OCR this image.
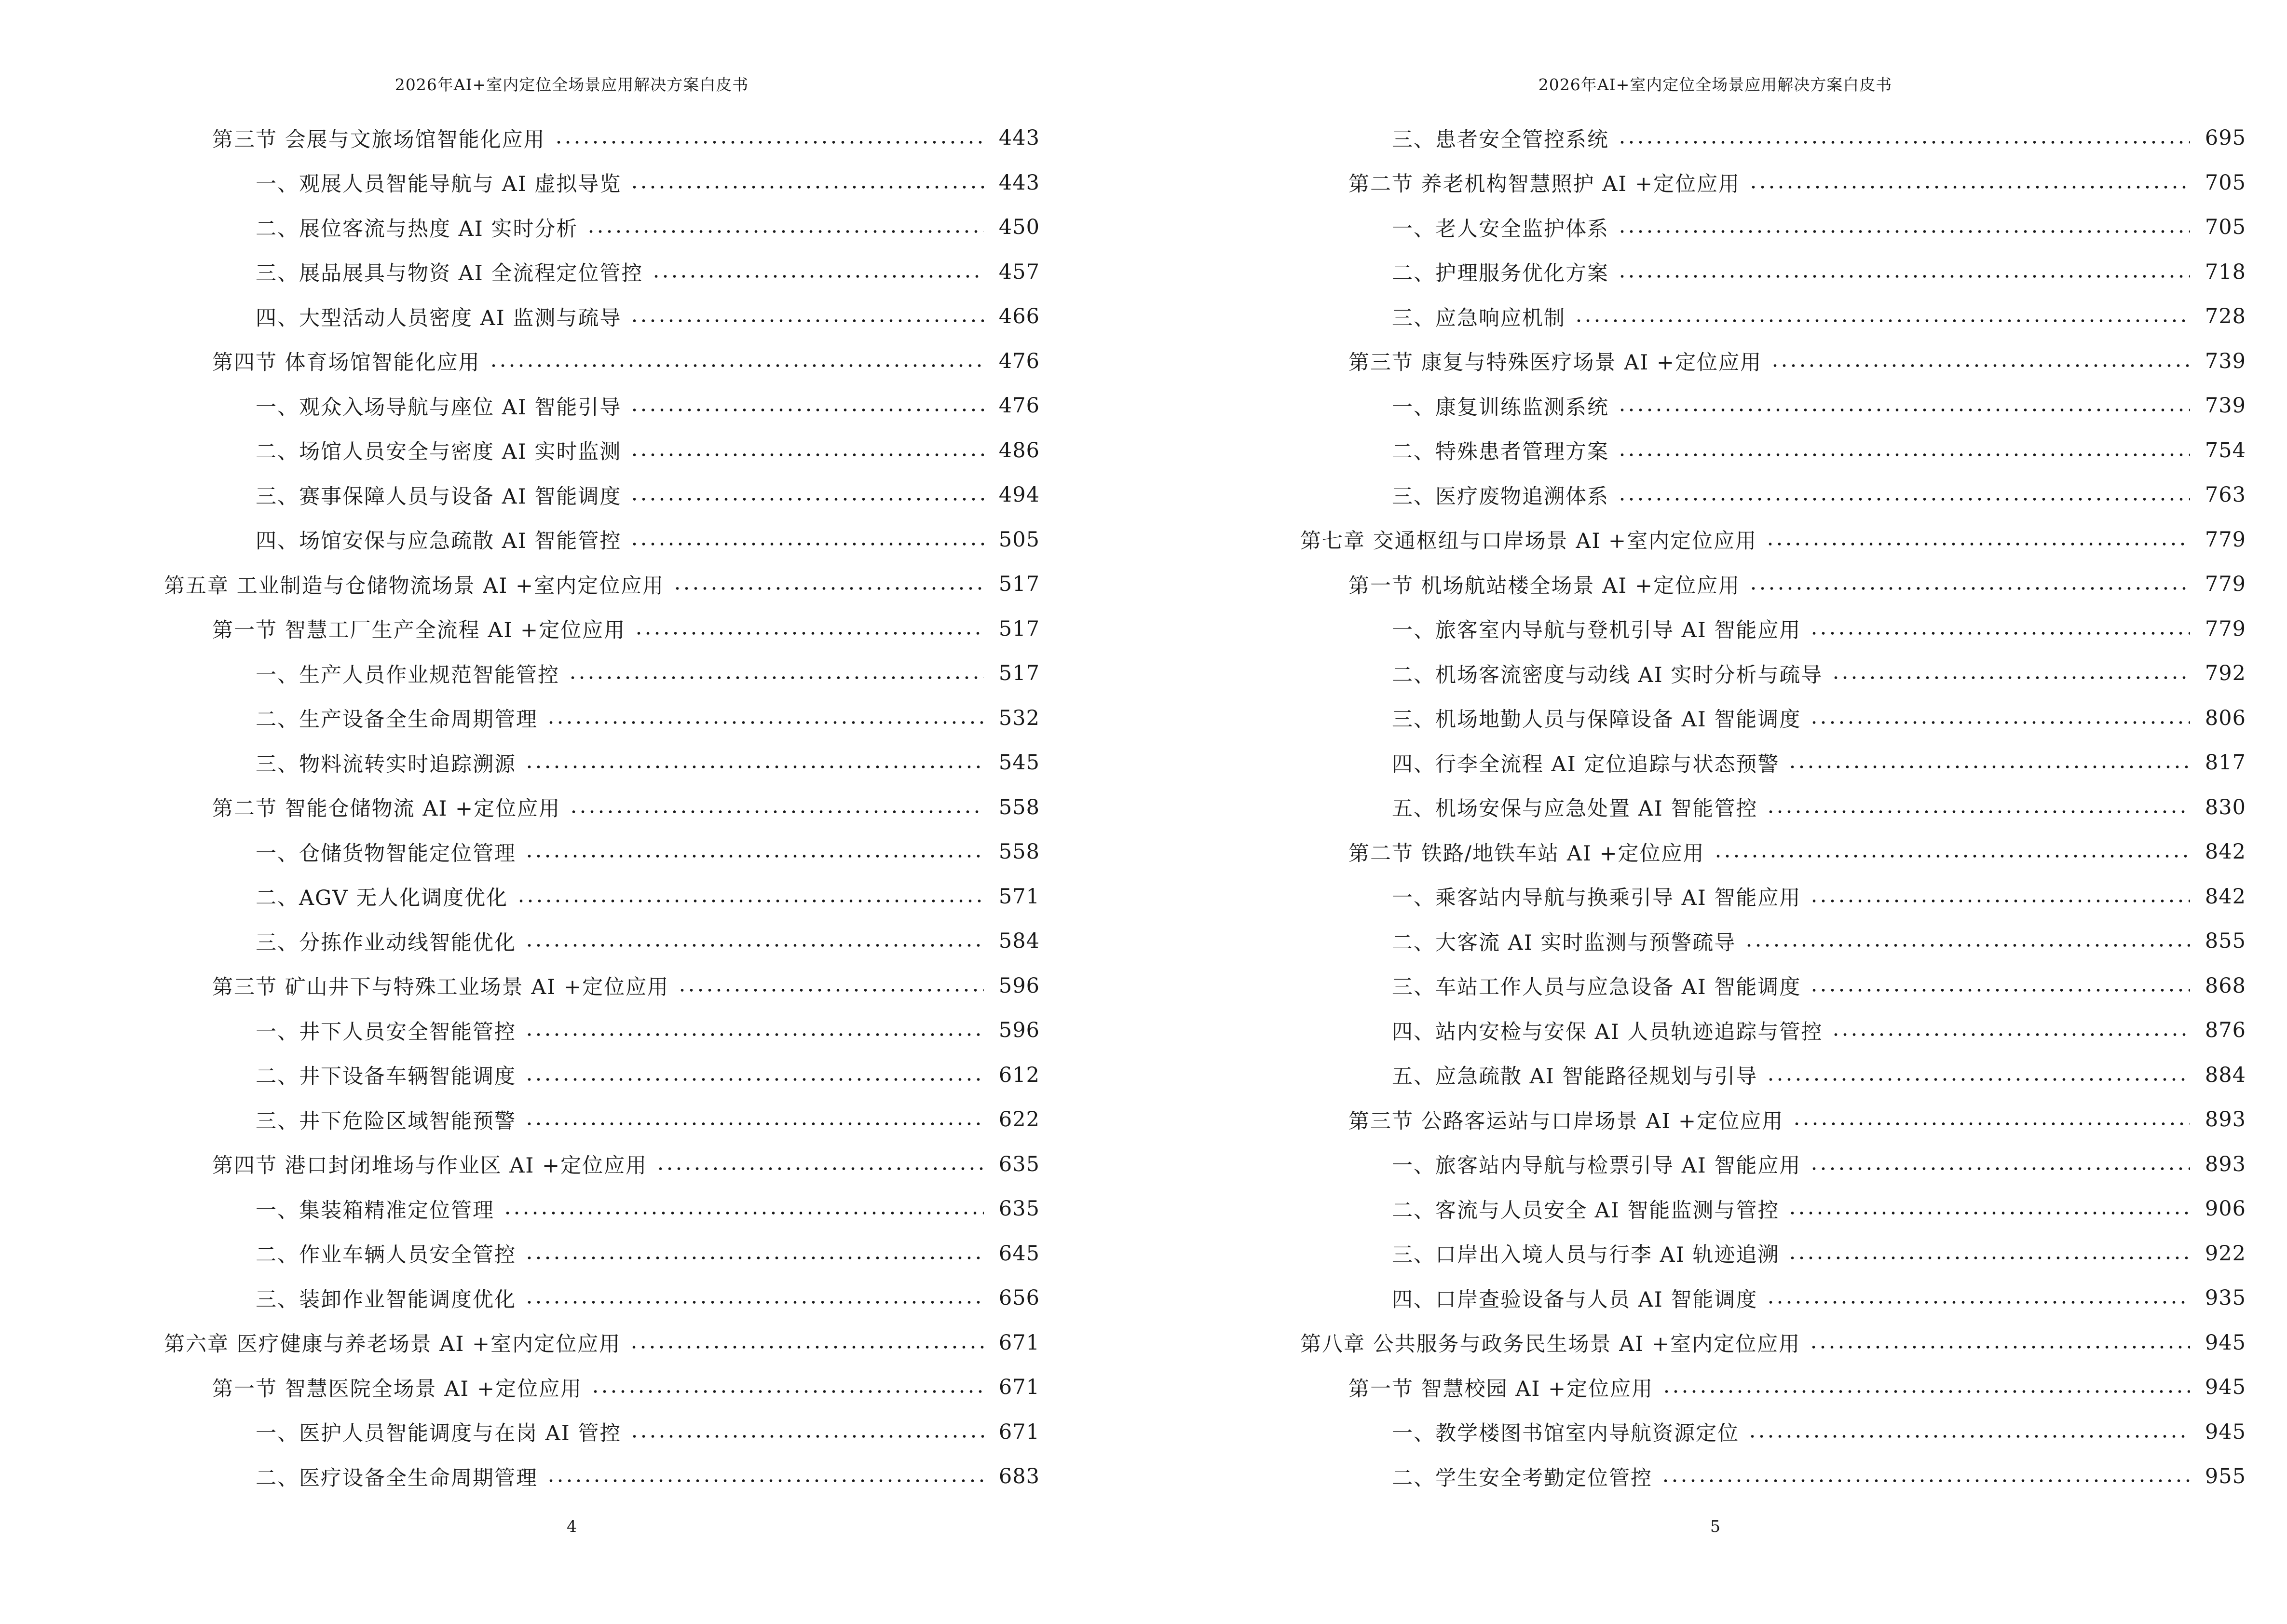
2026年AI+室内定位全场景应用解决方案白皮书
第三节 会展与文旅场馆智能化应用	443
一、观展人员智能导航与 AI 虚拟导览	443
二、展位客流与热度 AI 实时分析	450
三、展品展具与物资 AI 全流程定位管控	457
四、大型活动人员密度 AI 监测与疏导	466
第四节 体育场馆智能化应用	476
一、观众入场导航与座位 AI 智能引导	476
二、场馆人员安全与密度 AI 实时监测	486
三、赛事保障人员与设备 AI 智能调度	494
四、场馆安保与应急疏散 AI 智能管控	505
第五章 工业制造与仓储物流场景 AI +室内定位应用	517
第一节 智慧工厂生产全流程 AI +定位应用	517
一、生产人员作业规范智能管控	517
二、生产设备全生命周期管理	532
三、物料流转实时追踪溯源	545
第二节 智能仓储物流 AI +定位应用	558
一、仓储货物智能定位管理	558
二、AGV 无人化调度优化	571
三、分拣作业动线智能优化	584
第三节 矿山井下与特殊工业场景 AI +定位应用	596
一、井下人员安全智能管控	596
二、井下设备车辆智能调度	612
三、井下危险区域智能预警	622
第四节 港口封闭堆场与作业区 AI +定位应用	635
一、集装箱精准定位管理	635
二、作业车辆人员安全管控	645
三、装卸作业智能调度优化	656
第六章 医疗健康与养老场景 AI +室内定位应用	671
第一节 智慧医院全场景 AI +定位应用	671
一、医护人员智能调度与在岗 AI 管控	671
二、医疗设备全生命周期管理	683
4
2026年AI+室内定位全场景应用解决方案白皮书
三、患者安全管控系统	695
第二节 养老机构智慧照护 AI +定位应用	705
一、老人安全监护体系	705
二、护理服务优化方案	718
三、应急响应机制	728
第三节 康复与特殊医疗场景 AI +定位应用	739
一、康复训练监测系统	739
二、特殊患者管理方案	754
三、医疗废物追溯体系	763
第七章 交通枢纽与口岸场景 AI +室内定位应用	779
第一节 机场航站楼全场景 AI +定位应用	779
一、旅客室内导航与登机引导 AI 智能应用	779
二、机场客流密度与动线 AI 实时分析与疏导	792
三、机场地勤人员与保障设备 AI 智能调度	806
四、行李全流程 AI 定位追踪与状态预警	817
五、机场安保与应急处置 AI 智能管控	830
第二节 铁路/地铁车站 AI +定位应用	842
一、乘客站内导航与换乘引导 AI 智能应用	842
二、大客流 AI 实时监测与预警疏导	855
三、车站工作人员与应急设备 AI 智能调度	868
四、站内安检与安保 AI 人员轨迹追踪与管控	876
五、应急疏散 AI 智能路径规划与引导	884
第三节 公路客运站与口岸场景 AI +定位应用	893
一、旅客站内导航与检票引导 AI 智能应用	893
二、客流与人员安全 AI 智能监测与管控	906
三、口岸出入境人员与行李 AI 轨迹追溯	922
四、口岸查验设备与人员 AI 智能调度	935
第八章 公共服务与政务民生场景 AI +室内定位应用	945
第一节 智慧校园 AI +定位应用	945
一、教学楼图书馆室内导航资源定位	945
二、学生安全考勤定位管控	955
5
